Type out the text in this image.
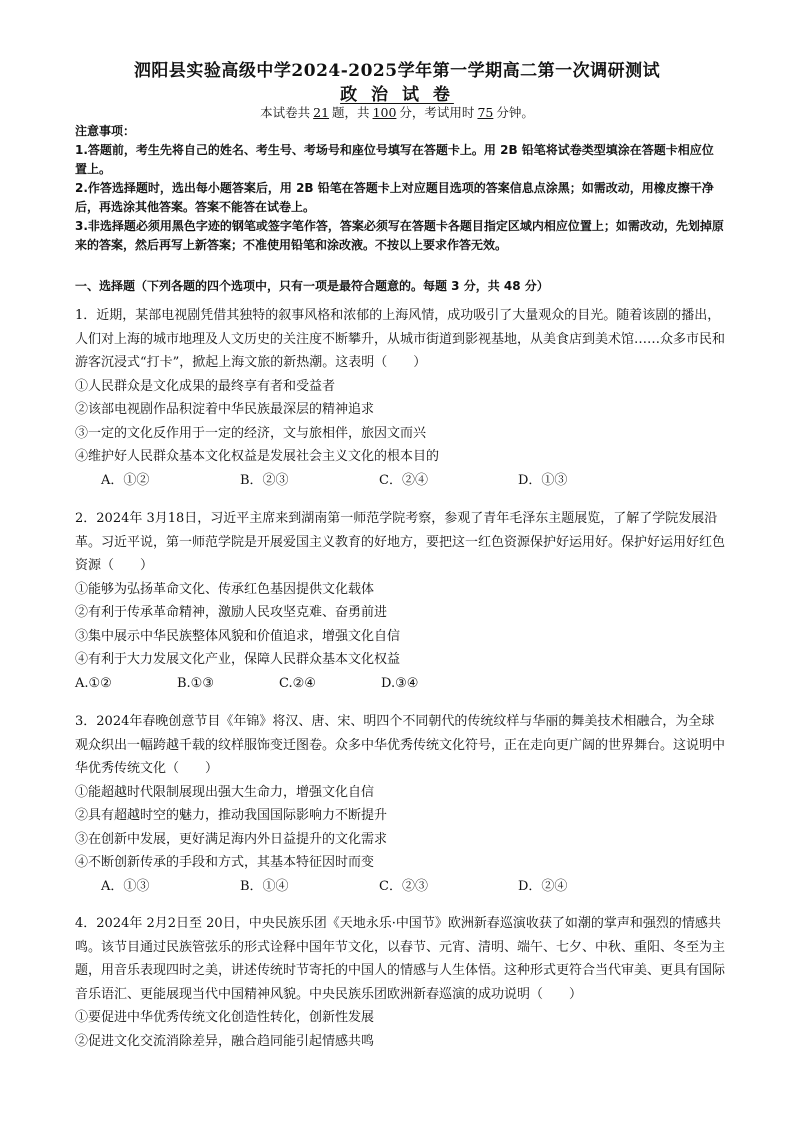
泗阳县实验高级中学2024-2025学年第一学期高二第一次调研测试
政 治 试 卷
本试卷共 21 题，共 100 分，考试用时 75 分钟。

注意事项：

1.答题前，考生先将自己的姓名、考生号、考场号和座位号填写在答题卡上。用 2B 铅笔将试卷类型填涂在答题卡相应位置上。

2.作答选择题时，选出每小题答案后，用 2B 铅笔在答题卡上对应题目选项的答案信息点涂黑；如需改动，用橡皮擦干净后，再选涂其他答案。答案不能答在试卷上。

3.非选择题必须用黑色字迹的钢笔或签字笔作答，答案必须写在答题卡各题目指定区域内相应位置上；如需改动，先划掉原来的答案，然后再写上新答案；不准使用铅笔和涂改液。不按以上要求作答无效。

一、选择题（下列各题的四个选项中，只有一项是最符合题意的。每题 3 分，共 48 分）

1．近期，某部电视剧凭借其独特的叙事风格和浓郁的上海风情，成功吸引了大量观众的目光。随着该剧的播出，人们对上海的城市地理及人文历史的关注度不断攀升，从城市街道到影视基地，从美食店到美术馆……众多市民和游客沉浸式“打卡”，掀起上海文旅的新热潮。这表明（　　）

①人民群众是文化成果的最终享有者和受益者

②该部电视剧作品积淀着中华民族最深层的精神追求

③一定的文化反作用于一定的经济，文与旅相伴，旅因文而兴

④维护好人民群众基本文化权益是发展社会主义文化的根本目的

A．①②	B．②③	C．②④	D．①③

2．2024年 3月18日，习近平主席来到湖南第一师范学院考察，参观了青年毛泽东主题展览，了解了学院发展沿革。习近平说，第一师范学院是开展爱国主义教育的好地方，要把这一红色资源保护好运用好。保护好运用好红色资源（　　）

①能够为弘扬革命文化、传承红色基因提供文化载体

②有利于传承革命精神，激励人民攻坚克难、奋勇前进

③集中展示中华民族整体风貌和价值追求，增强文化自信

④有利于大力发展文化产业，保障人民群众基本文化权益

A.①②	B.①③	C.②④	D.③④

3．2024年春晚创意节目《年锦》将汉、唐、宋、明四个不同朝代的传统纹样与华丽的舞美技术相融合，为全球观众织出一幅跨越千载的纹样服饰变迁图卷。众多中华优秀传统文化符号，正在走向更广阔的世界舞台。这说明中华优秀传统文化（　　）

①能超越时代限制展现出强大生命力，增强文化自信

②具有超越时空的魅力，推动我国国际影响力不断提升

③在创新中发展，更好满足海内外日益提升的文化需求

④不断创新传承的手段和方式，其基本特征因时而变

A．①③	B．①④	C．②③	D．②④

4．2024年 2月2日至 20日，中央民族乐团《天地永乐·中国节》欧洲新春巡演收获了如潮的掌声和强烈的情感共鸣。该节目通过民族管弦乐的形式诠释中国年节文化，以春节、元宵、清明、端午、七夕、中秋、重阳、冬至为主题，用音乐表现四时之美，讲述传统时节寄托的中国人的情感与人生体悟。这种形式更符合当代审美、更具有国际音乐语汇、更能展现当代中国精神风貌。中央民族乐团欧洲新春巡演的成功说明（　　）

①要促进中华优秀传统文化创造性转化，创新性发展

②促进文化交流消除差异，融合趋同能引起情感共鸣
